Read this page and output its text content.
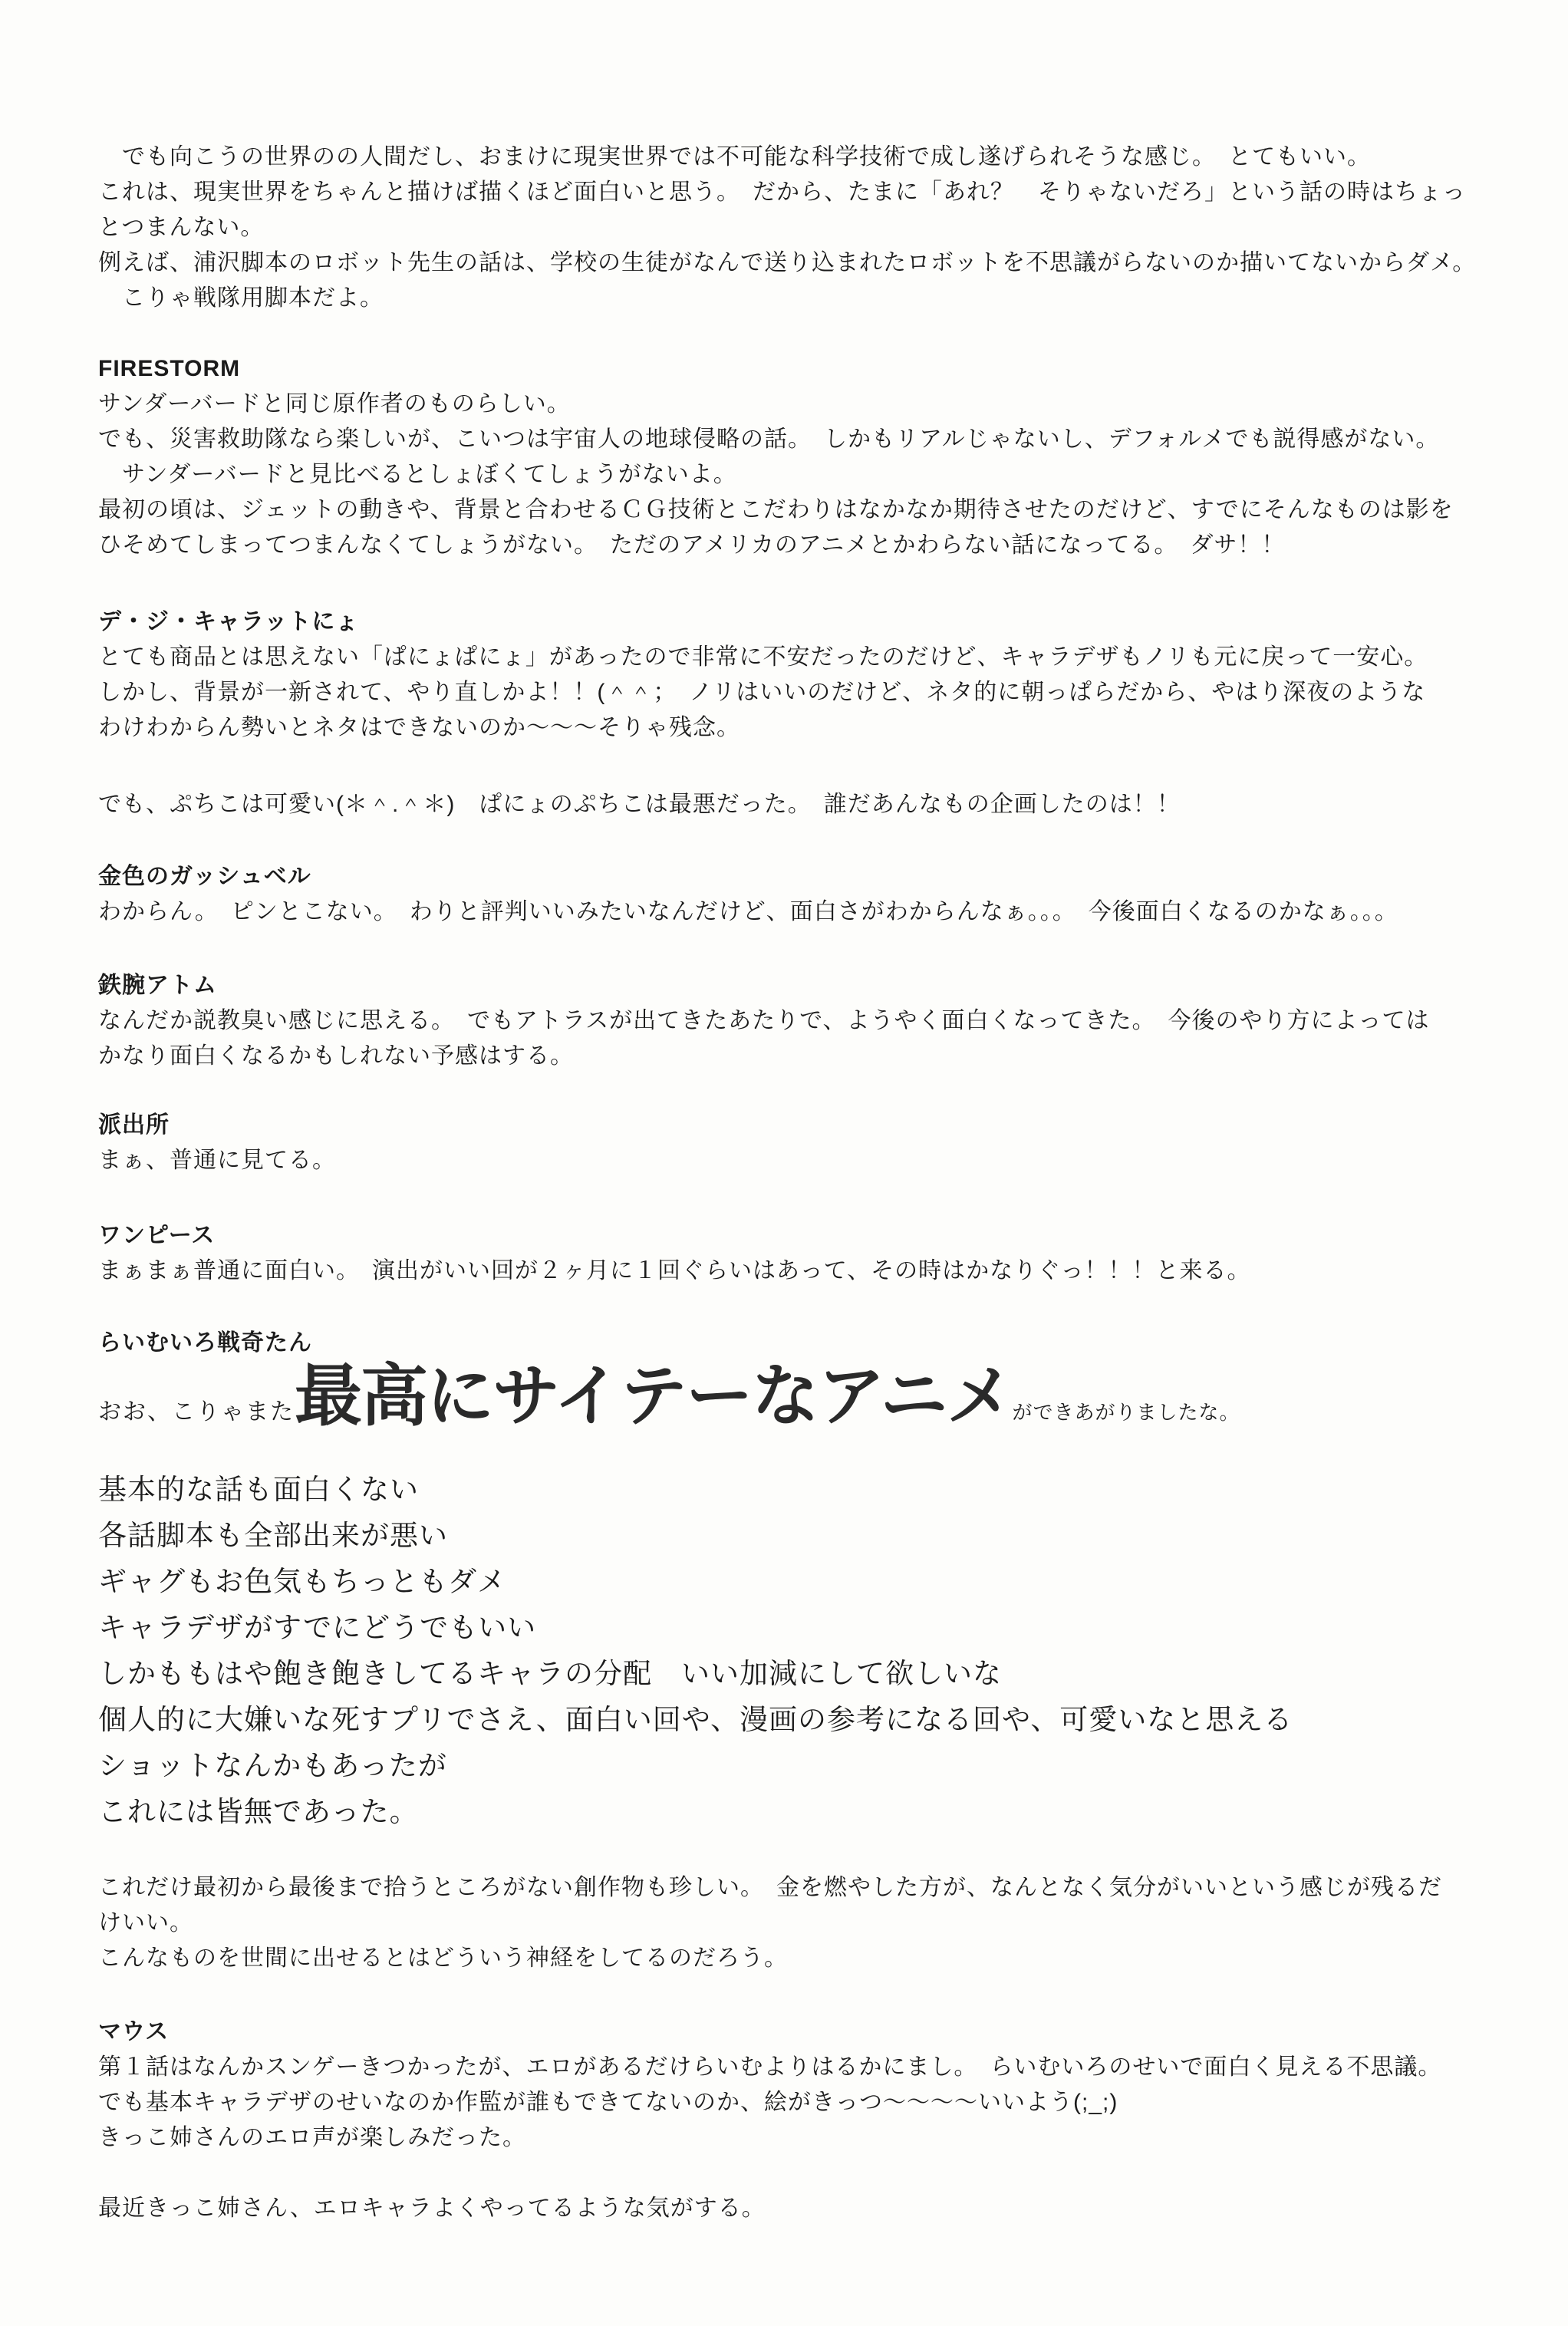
　でも向こうの世界のの人間だし、おまけに現実世界では不可能な科学技術で成し遂げられそうな感じ。　とてもいい。
これは、現実世界をちゃんと描けば描くほど面白いと思う。　だから、たまに「あれ？　そりゃないだろ」という話の時はちょっ
とつまんない。
例えば、浦沢脚本のロボット先生の話は、学校の生徒がなんで送り込まれたロボットを不思議がらないのか描いてないからダメ。
　こりゃ戦隊用脚本だよ。
FIRESTORM
サンダーバードと同じ原作者のものらしい。
でも、災害救助隊なら楽しいが、こいつは宇宙人の地球侵略の話。　しかもリアルじゃないし、デフォルメでも説得感がない。
　サンダーバードと見比べるとしょぼくてしょうがないよ。
最初の頃は、ジェットの動きや、背景と合わせるＣＧ技術とこだわりはなかなか期待させたのだけど、すでにそんなものは影を
ひそめてしまってつまんなくてしょうがない。　ただのアメリカのアニメとかわらない話になってる。　ダサ！！
デ・ジ・キャラットにょ
とても商品とは思えない「ぱにょぱにょ」があったので非常に不安だったのだけど、キャラデザもノリも元に戻って一安心。
しかし、背景が一新されて、やり直しかよ！！(＾＾；　ノリはいいのだけど、ネタ的に朝っぱらだから、やはり深夜のような
わけわからん勢いとネタはできないのか～～～そりゃ残念。
でも、ぷちこは可愛い(＊＾.＾＊)　ぱにょのぷちこは最悪だった。　誰だあんなもの企画したのは！！
金色のガッシュベル
わからん。　ピンとこない。　わりと評判いいみたいなんだけど、面白さがわからんなぁ。。。　今後面白くなるのかなぁ。。。
鉄腕アトム
なんだか説教臭い感じに思える。　でもアトラスが出てきたあたりで、ようやく面白くなってきた。　今後のやり方によっては
かなり面白くなるかもしれない予感はする。
派出所
まぁ、普通に見てる。
ワンピース
まぁまぁ普通に面白い。　演出がいい回が２ヶ月に１回ぐらいはあって、その時はかなりぐっ！！！と来る。
らいむいろ戦奇たん
おお、こりゃまた 最高にサイテーなアニメ ができあがりましたな。
基本的な話も面白くない
各話脚本も全部出来が悪い
ギャグもお色気もちっともダメ
キャラデザがすでにどうでもいい
しかももはや飽き飽きしてるキャラの分配　いい加減にして欲しいな
個人的に大嫌いな死すプリでさえ、面白い回や、漫画の参考になる回や、可愛いなと思える
ショットなんかもあったが
これには皆無であった。
これだけ最初から最後まで拾うところがない創作物も珍しい。　金を燃やした方が、なんとなく気分がいいという感じが残るだ
けいい。
こんなものを世間に出せるとはどういう神経をしてるのだろう。
マウス
第１話はなんかスンゲーきつかったが、エロがあるだけらいむよりはるかにまし。　らいむいろのせいで面白く見える不思議。
でも基本キャラデザのせいなのか作監が誰もできてないのか、絵がきっつ～～～～いいよう(;_;)
きっこ姉さんのエロ声が楽しみだった。
最近きっこ姉さん、エロキャラよくやってるような気がする。
